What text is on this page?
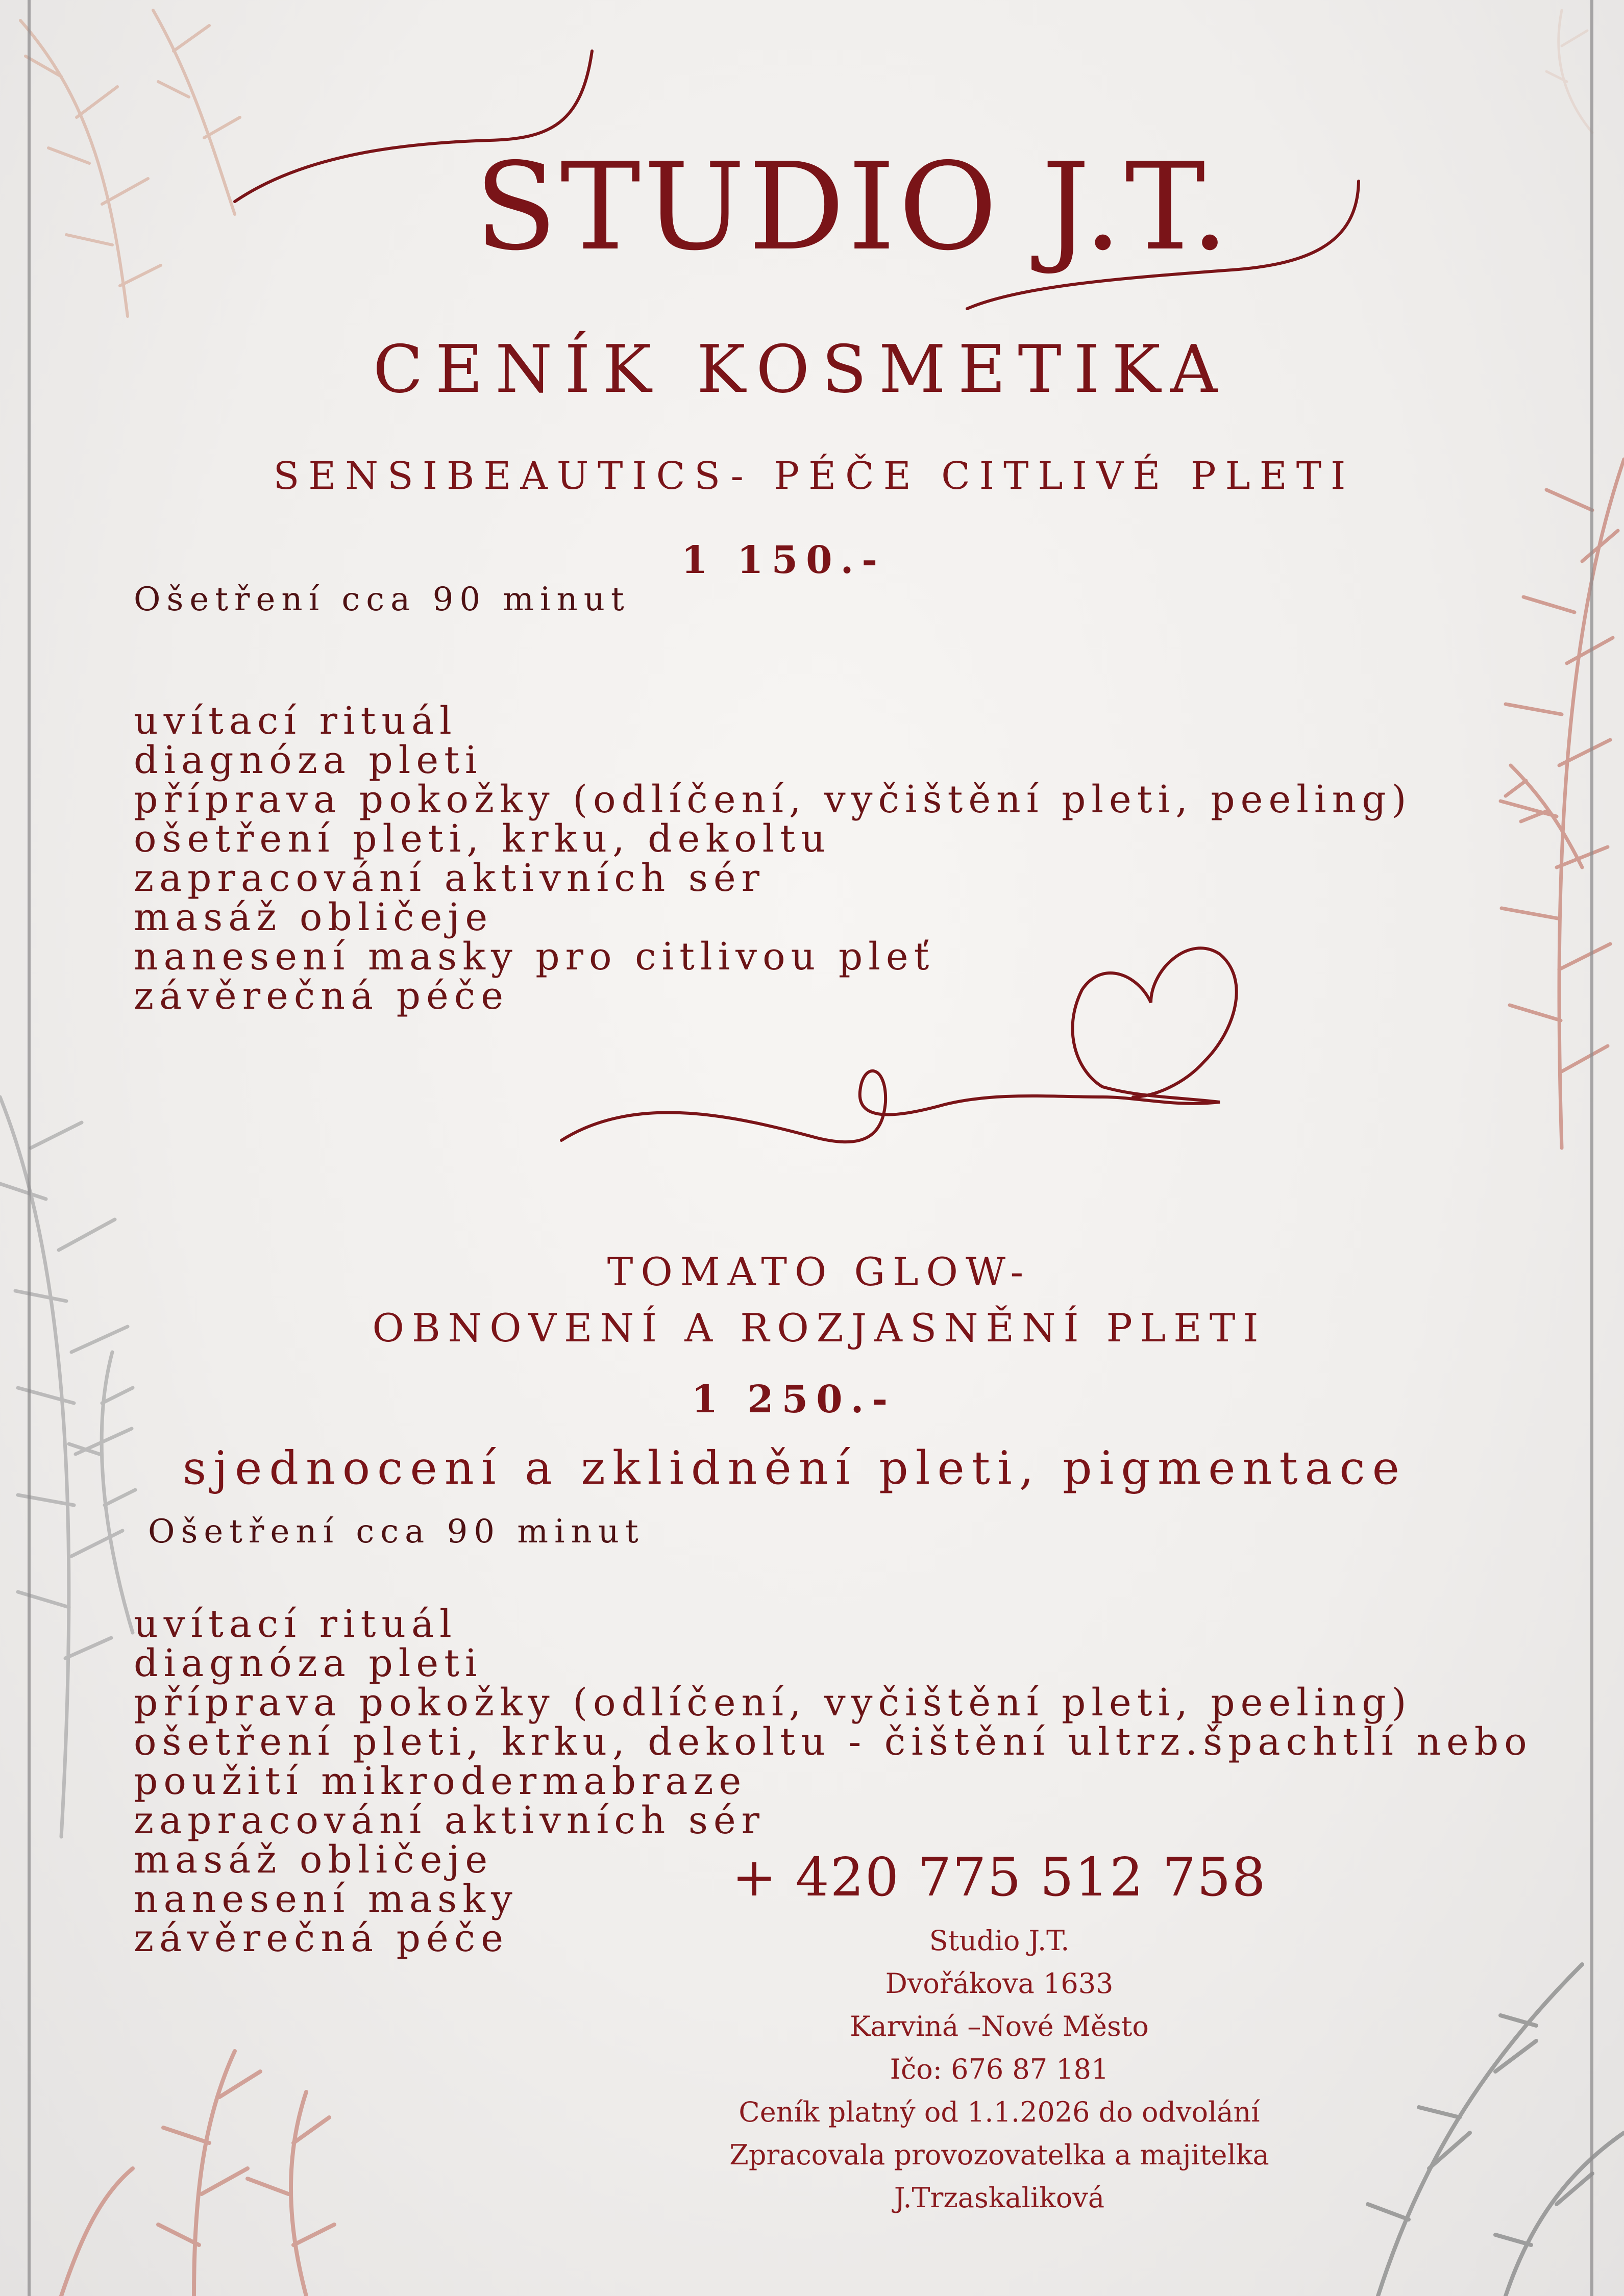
STUDIO J.T.
CENÍK KOSMETIKA
SENSIBEAUTICS- PÉČE CITLIVÉ PLETI
1 150.-
Ošetření cca 90 minut
uvítací rituál
diagnóza pleti
příprava pokožky (odlíčení, vyčištění pleti, peeling)
ošetření pleti, krku, dekoltu
zapracování aktivních sér
masáž obličeje
nanesení masky pro citlivou pleť
závěrečná péče
TOMATO GLOW-
OBNOVENÍ A ROZJASNĚNÍ PLETI
1 250.-
sjednocení a zklidnění pleti, pigmentace
Ošetření cca 90 minut
uvítací rituál
diagnóza pleti
příprava pokožky (odlíčení, vyčištění pleti, peeling)
ošetření pleti, krku, dekoltu - čištění ultrz.špachtlí nebo
použití mikrodermabraze
zapracování aktivních sér
masáž obličeje
nanesení masky
závěrečná péče
+ 420 775 512 758
Studio J.T.
Dvořákova 1633
Karviná –Nové Město
Ičo: 676 87 181
Ceník platný od 1.1.2026 do odvolání
Zpracovala provozovatelka a majitelka
J.Trzaskaliková
